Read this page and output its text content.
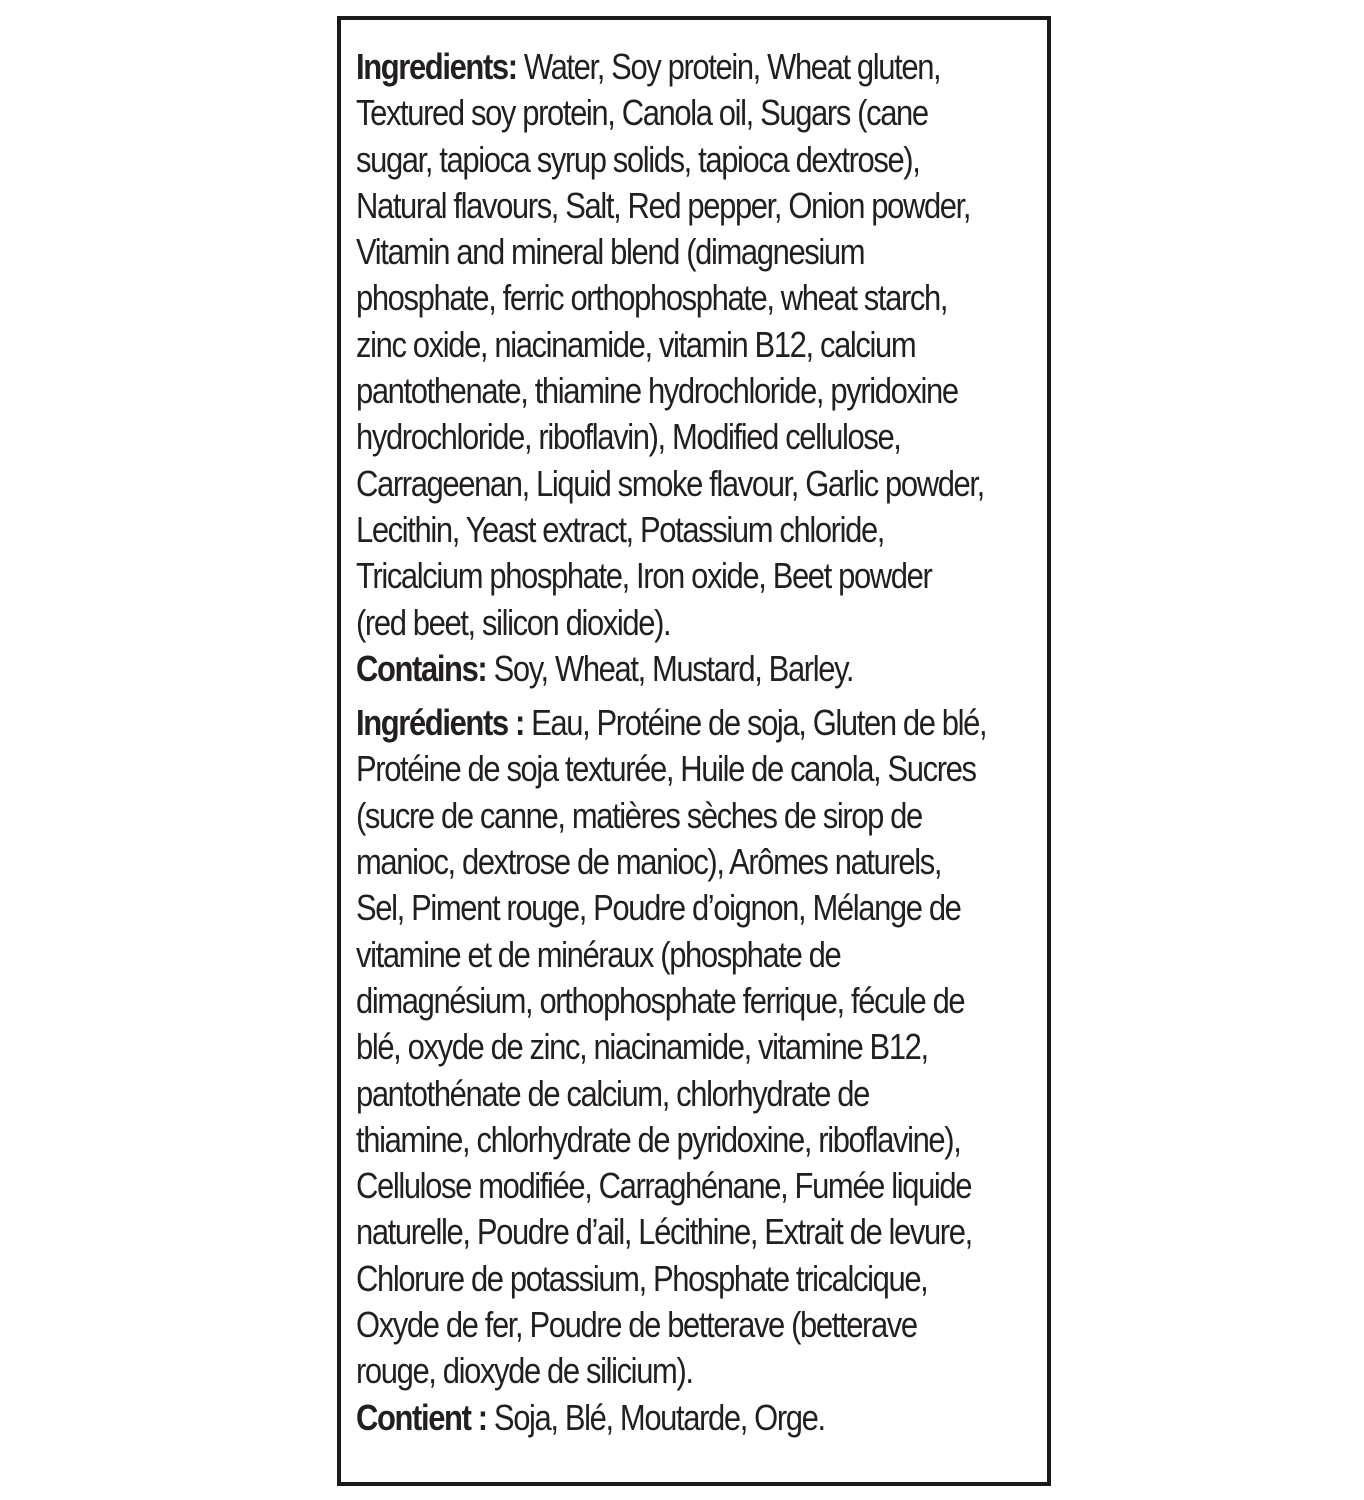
Ingredients: Water, Soy protein, Wheat gluten,
Textured soy protein, Canola oil, Sugars (cane
sugar, tapioca syrup solids, tapioca dextrose),
Natural flavours, Salt, Red pepper, Onion powder,
Vitamin and mineral blend (dimagnesium
phosphate, ferric orthophosphate, wheat starch,
zinc oxide, niacinamide, vitamin B12, calcium
pantothenate, thiamine hydrochloride, pyridoxine
hydrochloride, riboflavin), Modified cellulose,
Carrageenan, Liquid smoke flavour, Garlic powder,
Lecithin, Yeast extract, Potassium chloride,
Tricalcium phosphate, Iron oxide, Beet powder
(red beet, silicon dioxide).
Contains: Soy, Wheat, Mustard, Barley.
Ingrédients : Eau, Protéine de soja, Gluten de blé,
Protéine de soja texturée, Huile de canola, Sucres
(sucre de canne, matières sèches de sirop de
manioc, dextrose de manioc), Arômes naturels,
Sel, Piment rouge, Poudre d’oignon, Mélange de
vitamine et de minéraux (phosphate de
dimagnésium, orthophosphate ferrique, fécule de
blé, oxyde de zinc, niacinamide, vitamine B12,
pantothénate de calcium, chlorhydrate de
thiamine, chlorhydrate de pyridoxine, riboflavine),
Cellulose modifiée, Carraghénane, Fumée liquide
naturelle, Poudre d’ail, Lécithine, Extrait de levure,
Chlorure de potassium, Phosphate tricalcique,
Oxyde de fer, Poudre de betterave (betterave
rouge, dioxyde de silicium).
Contient : Soja, Blé, Moutarde, Orge.
